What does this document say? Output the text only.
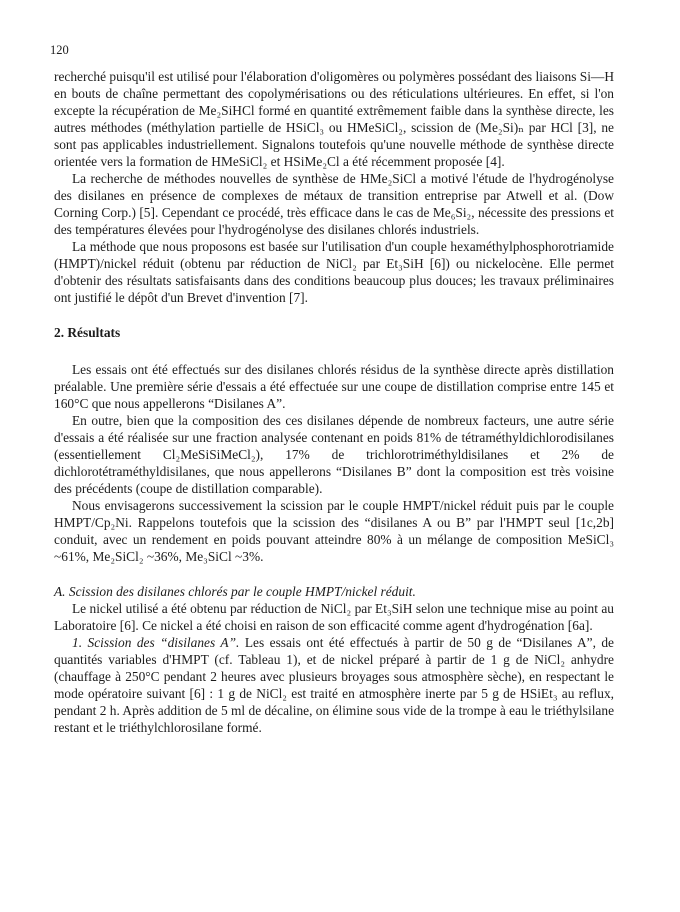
120

recherché puisqu'il est utilisé pour l'élaboration d'oligomères ou polymères possédant des liaisons Si—H en bouts de chaîne permettant des copolymérisations ou des réticulations ultérieures. En effet, si l'on excepte la récupération de Me₂SiHCl formé en quantité extrêmement faible dans la synthèse directe, les autres méthodes (méthylation partielle de HSiCl₃ ou HMeSiCl₂, scission de (Me₂Si)ₙ par HCl [3], ne sont pas applicables industriellement. Signalons toutefois qu'une nouvelle méthode de synthèse directe orientée vers la formation de HMeSiCl₂ et HSiMe₂Cl a été récemment proposée [4].

La recherche de méthodes nouvelles de synthèse de HMe₂SiCl a motivé l'étude de l'hydrogénolyse des disilanes en présence de complexes de métaux de transition entreprise par Atwell et al. (Dow Corning Corp.) [5]. Cependant ce procédé, très efficace dans le cas de Me₆Si₂, nécessite des pressions et des températures élevées pour l'hydrogénolyse des disilanes chlorés industriels.

La méthode que nous proposons est basée sur l'utilisation d'un couple hexaméthylphosphorotriamide (HMPT)/nickel réduit (obtenu par réduction de NiCl₂ par Et₃SiH [6]) ou nickelocène. Elle permet d'obtenir des résultats satisfaisants dans des conditions beaucoup plus douces; les travaux préliminaires ont justifié le dépôt d'un Brevet d'invention [7].

2. Résultats

Les essais ont été effectués sur des disilanes chlorés résidus de la synthèse directe après distillation préalable. Une première série d'essais a été effectuée sur une coupe de distillation comprise entre 145 et 160°C que nous appellerons “Disilanes A”.

En outre, bien que la composition des ces disilanes dépende de nombreux facteurs, une autre série d'essais a été réalisée sur une fraction analysée contenant en poids 81% de tétraméthyldichlorodisilanes (essentiellement Cl₂MeSiSiMeCl₂), 17% de trichlorotriméthyldisilanes et 2% de dichlorotétraméthyldisilanes, que nous appellerons “Disilanes B” dont la composition est très voisine des précédents (coupe de distillation comparable).

Nous envisagerons successivement la scission par le couple HMPT/nickel réduit puis par le couple HMPT/Cp₂Ni. Rappelons toutefois que la scission des “disilanes A ou B” par l'HMPT seul [1c,2b] conduit, avec un rendement en poids pouvant atteindre 80% à un mélange de composition MeSiCl₃ ~61%, Me₂SiCl₂ ~36%, Me₃SiCl ~3%.

A. Scission des disilanes chlorés par le couple HMPT/nickel réduit.

Le nickel utilisé a été obtenu par réduction de NiCl₂ par Et₃SiH selon une technique mise au point au Laboratoire [6]. Ce nickel a été choisi en raison de son efficacité comme agent d'hydrogénation [6a].

1. Scission des “disilanes A”. Les essais ont été effectués à partir de 50 g de “Disilanes A”, de quantités variables d'HMPT (cf. Tableau 1), et de nickel préparé à partir de 1 g de NiCl₂ anhydre (chauffage à 250°C pendant 2 heures avec plusieurs broyages sous atmosphère sèche), en respectant le mode opératoire suivant [6] : 1 g de NiCl₂ est traité en atmosphère inerte par 5 g de HSiEt₃ au reflux, pendant 2 h. Après addition de 5 ml de décaline, on élimine sous vide de la trompe à eau le triéthylsilane restant et le triéthylchlorosilane formé.
